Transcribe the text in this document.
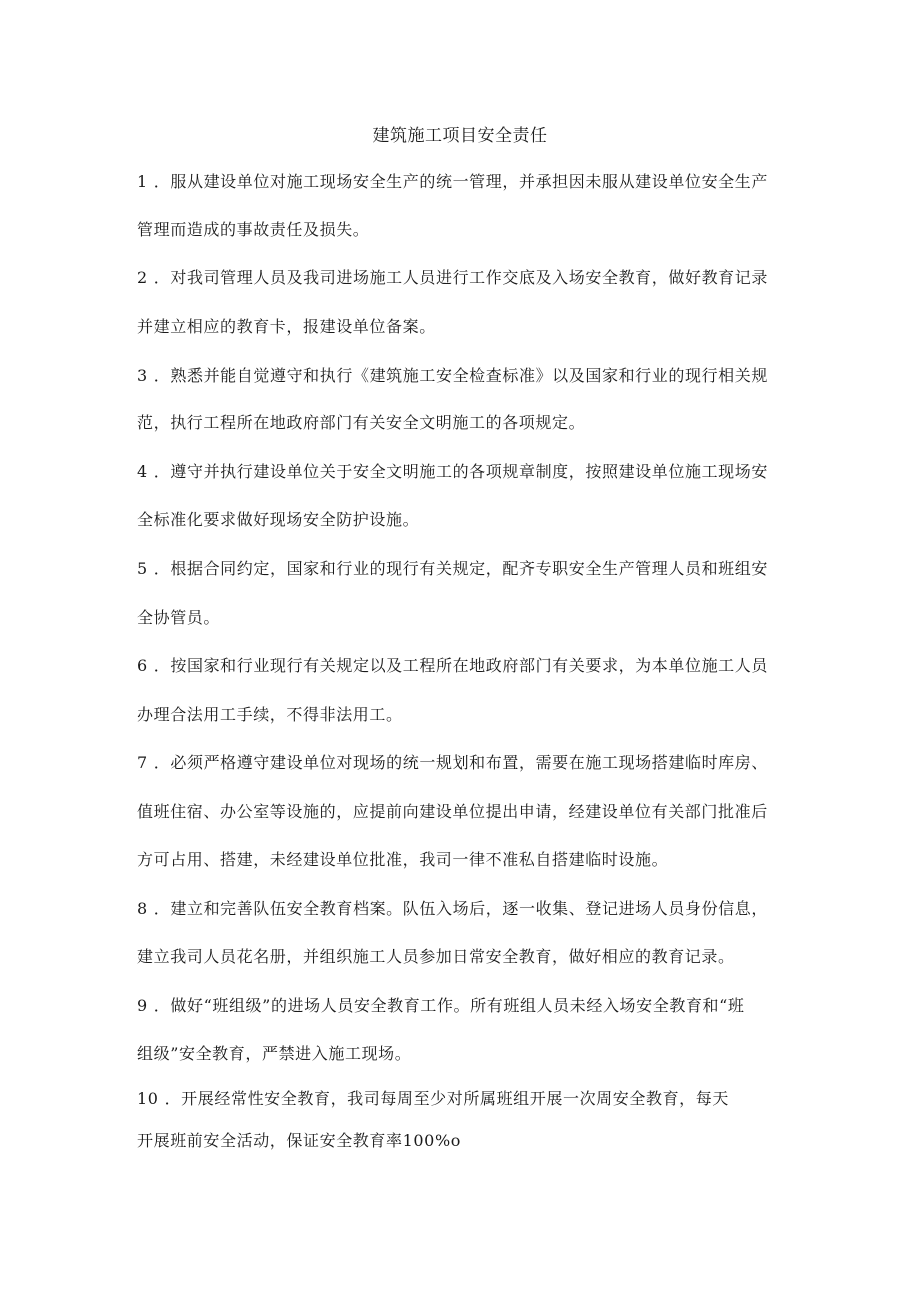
建筑施工项目安全责任
1 ．服从建设单位对施工现场安全生产的统一管理，并承担因未服从建设单位安全生产
管理而造成的事故责任及损失。
2 ．对我司管理人员及我司进场施工人员进行工作交底及入场安全教育，做好教育记录
并建立相应的教育卡，报建设单位备案。
3 ．熟悉并能自觉遵守和执行《建筑施工安全检查标准》以及国家和行业的现行相关规
范，执行工程所在地政府部门有关安全文明施工的各项规定。
4 ．遵守并执行建设单位关于安全文明施工的各项规章制度，按照建设单位施工现场安
全标准化要求做好现场安全防护设施。
5 ．根据合同约定，国家和行业的现行有关规定，配齐专职安全生产管理人员和班组安
全协管员。
6 ．按国家和行业现行有关规定以及工程所在地政府部门有关要求，为本单位施工人员
办理合法用工手续，不得非法用工。
7 ．必须严格遵守建设单位对现场的统一规划和布置，需要在施工现场搭建临时库房、
值班住宿、办公室等设施的，应提前向建设单位提出申请，经建设单位有关部门批准后
方可占用、搭建，未经建设单位批准，我司一律不准私自搭建临时设施。
8 ．建立和完善队伍安全教育档案。队伍入场后，逐一收集、登记进场人员身份信息，
建立我司人员花名册，并组织施工人员参加日常安全教育，做好相应的教育记录。
9 ．做好“班组级”的进场人员安全教育工作。所有班组人员未经入场安全教育和“班
组级”安全教育，严禁进入施工现场。
10 ．开展经常性安全教育，我司每周至少对所属班组开展一次周安全教育，每天
开展班前安全活动，保证安全教育率100%o
